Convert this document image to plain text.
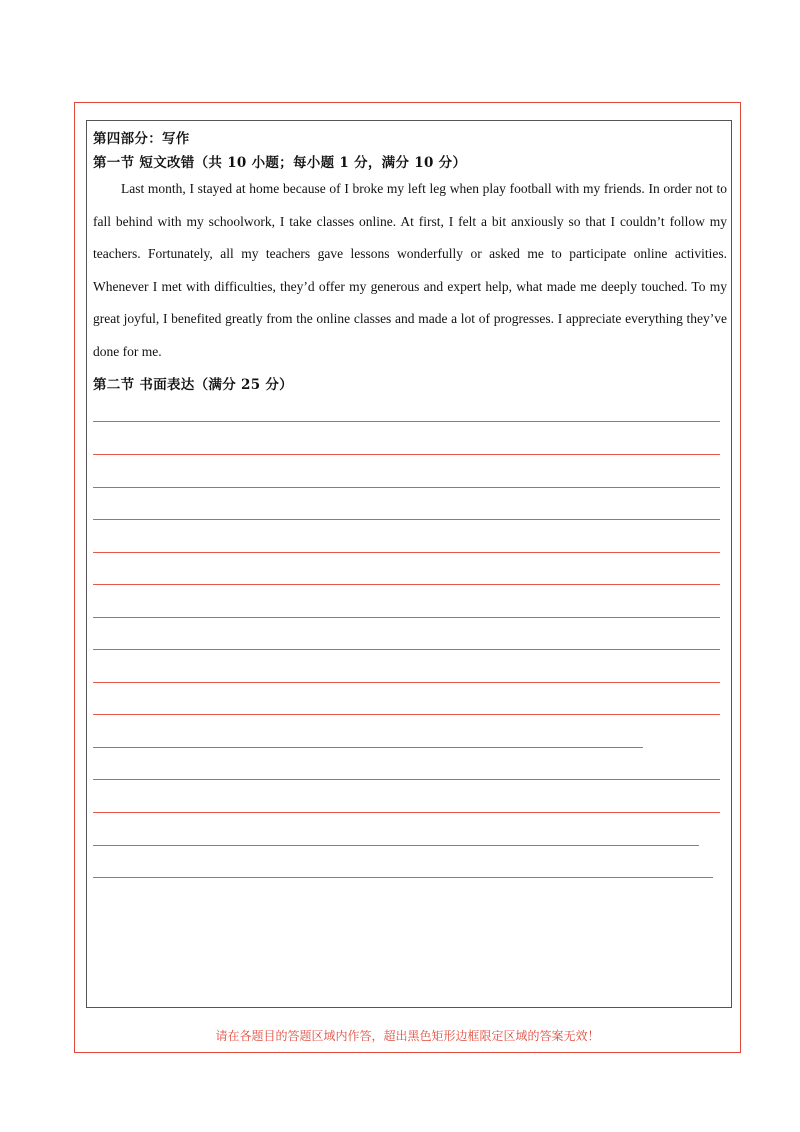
第四部分：写作
第一节 短文改错（共 10 小题；每小题 1 分，满分 10 分）

Last month, I stayed at home because of I broke my left leg when play football with my friends. In order not to fall behind with my schoolwork, I take classes online. At first, I felt a bit anxiously so that I couldn’t follow my teachers. Fortunately, all my teachers gave lessons wonderfully or asked me to participate online activities. Whenever I met with difficulties, they’d offer my generous and expert help, what made me deeply touched. To my great joyful, I benefited greatly from the online classes and made a lot of progresses. I appreciate everything they’ve done for me.

第二节 书面表达（满分 25 分）
请在各题目的答题区域内作答，超出黑色矩形边框限定区域的答案无效！
